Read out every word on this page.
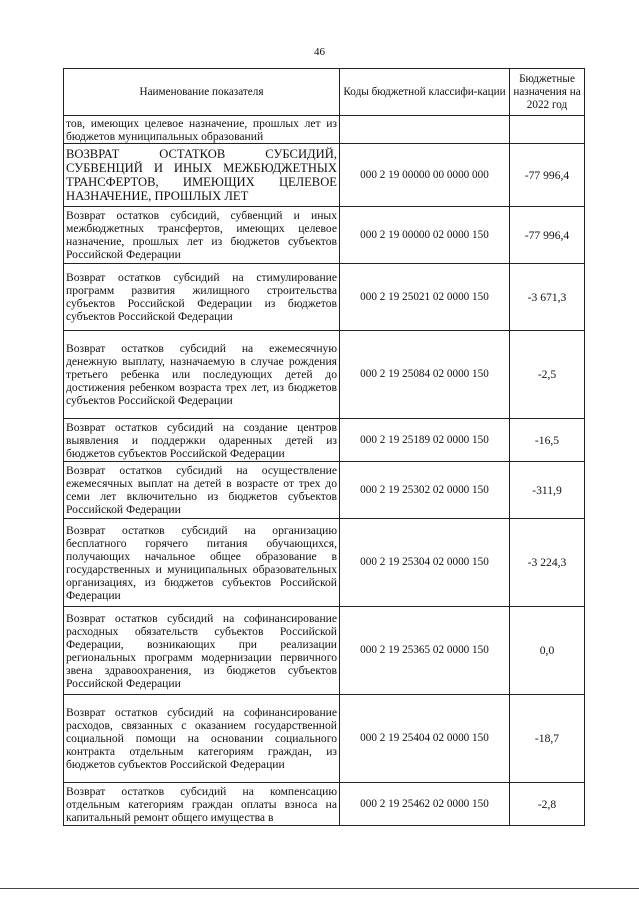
46
Наименование показателя	Коды бюджетной классифи-кации	Бюджетные назначения на 2022 год
тов, имеющих целевое назначение, прошлых лет из бюджетов муниципальных образований		
ВОЗВРАТ ОСТАТКОВ СУБСИДИЙ, СУБВЕНЦИЙ И ИНЫХ МЕЖБЮДЖЕТНЫХ ТРАНСФЕРТОВ, ИМЕЮЩИХ ЦЕЛЕВОЕ НАЗНАЧЕНИЕ, ПРОШЛЫХ ЛЕТ	000 2 19 00000 00 0000 000	-77 996,4
Возврат остатков субсидий, субвенций и иных межбюджетных трансфертов, имеющих целевое назначение, прошлых лет из бюджетов субъектов Российской Федерации	000 2 19 00000 02 0000 150	-77 996,4
Возврат остатков субсидий на стимулирование программ развития жилищного строительства субъектов Российской Федерации из бюджетов субъектов Российской Федерации	000 2 19 25021 02 0000 150	-3 671,3
Возврат остатков субсидий на ежемесячную денежную выплату, назначаемую в случае рождения третьего ребенка или последующих детей до достижения ребенком возраста трех лет, из бюджетов субъектов Российской Федерации	000 2 19 25084 02 0000 150	-2,5
Возврат остатков субсидий на создание центров выявления и поддержки одаренных детей из бюджетов субъектов Российской Федерации	000 2 19 25189 02 0000 150	-16,5
Возврат остатков субсидий на осуществление ежемесячных выплат на детей в возрасте от трех до семи лет включительно из бюджетов субъектов Российской Федерации	000 2 19 25302 02 0000 150	-311,9
Возврат остатков субсидий на организацию бесплатного горячего питания обучающихся, получающих начальное общее образование в государственных и муниципальных образовательных организациях, из бюджетов субъектов Российской Федерации	000 2 19 25304 02 0000 150	-3 224,3
Возврат остатков субсидий на софинансирование расходных обязательств субъектов Российской Федерации, возникающих при реализации региональных программ модернизации первичного звена здравоохранения, из бюджетов субъектов Российской Федерации	000 2 19 25365 02 0000 150	0,0
Возврат остатков субсидий на софинансирование расходов, связанных с оказанием государственной социальной помощи на основании социального контракта отдельным категориям граждан, из бюджетов субъектов Российской Федерации	000 2 19 25404 02 0000 150	-18,7
Возврат остатков субсидий на компенсацию отдельным категориям граждан оплаты взноса на капитальный ремонт общего имущества в	000 2 19 25462 02 0000 150	-2,8
